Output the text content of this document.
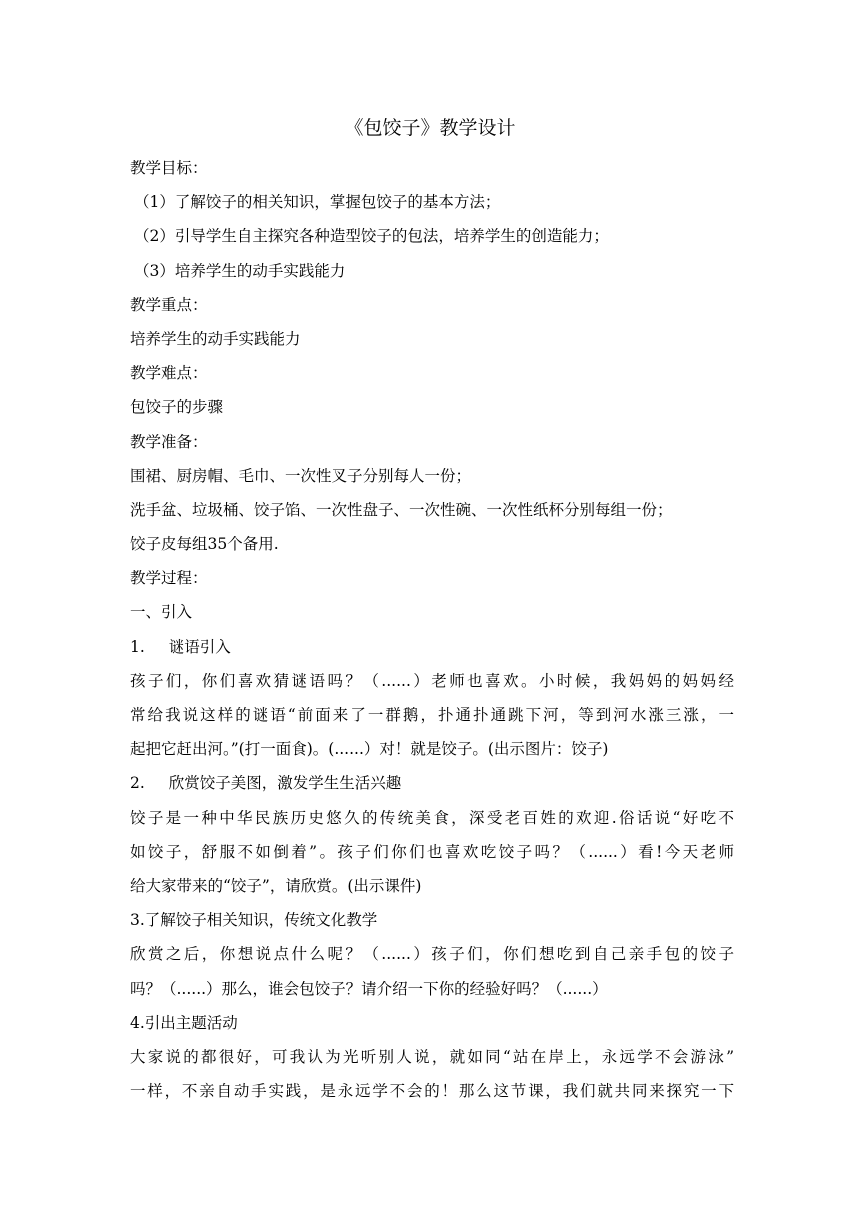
《包饺子》教学设计
教学目标：
（1）了解饺子的相关知识，掌握包饺子的基本方法；
（2）引导学生自主探究各种造型饺子的包法，培养学生的创造能力；
（3）培养学生的动手实践能力
教学重点：
培养学生的动手实践能力
教学难点：
包饺子的步骤
教学准备：
围裙、厨房帽、毛巾、一次性叉子分别每人一份；
洗手盆、垃圾桶、饺子馅、一次性盘子、一次性碗、一次性纸杯分别每组一份；
饺子皮每组35个备用.
教学过程：
一、引入
1. 谜语引入
孩子们，你们喜欢猜谜语吗？（......）老师也喜欢。小时候，我妈妈的妈妈经
常给我说这样的谜语“前面来了一群鹅，扑通扑通跳下河，等到河水涨三涨，一
起把它赶出河。”(打一面食)。(......）对！就是饺子。(出示图片：饺子)
2. 欣赏饺子美图，激发学生生活兴趣
饺子是一种中华民族历史悠久的传统美食，深受老百姓的欢迎.俗话说“好吃不
如饺子，舒服不如倒着”。孩子们你们也喜欢吃饺子吗？（......）看!今天老师
给大家带来的“饺子”，请欣赏。(出示课件)
3.了解饺子相关知识，传统文化教学
欣赏之后，你想说点什么呢？（......）孩子们，你们想吃到自己亲手包的饺子
吗？（......）那么，谁会包饺子？请介绍一下你的经验好吗？（......）
4.引出主题活动
大家说的都很好，可我认为光听别人说，就如同“站在岸上，永远学不会游泳”
一样，不亲自动手实践，是永远学不会的！那么这节课，我们就共同来探究一下
